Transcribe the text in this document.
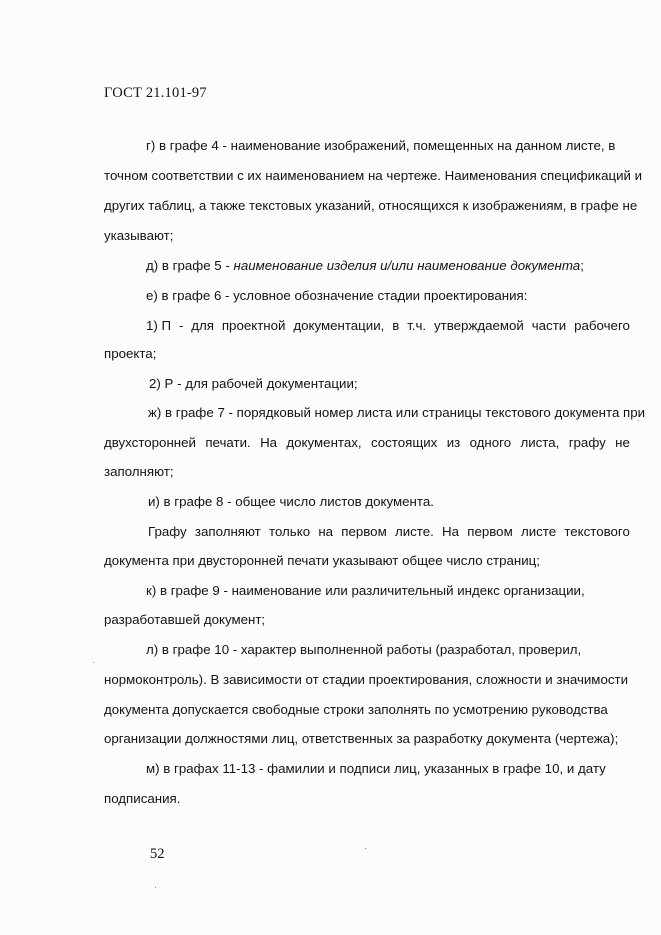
ГОСТ 21.101-97
г) в графе 4 - наименование изображений, помещенных на данном листе, в
точном соответствии с их наименованием на чертеже. Наименования спецификаций и
других таблиц, а также текстовых указаний, относящихся к изображениям, в графе не
указывают;
д) в графе 5 - наименование изделия и/или наименование документа;
е) в графе 6 - условное обозначение стадии проектирования:
1) П - для проектной документации, в т.ч. утверждаемой части рабочего
проекта;
2) Р - для рабочей документации;
ж) в графе 7 - порядковый номер листа или страницы текстового документа при
двухсторонней печати. На документах, состоящих из одного листа, графу не
заполняют;
и) в графе 8 - общее число листов документа.
Графу заполняют только на первом листе. На первом листе текстового
документа при двусторонней печати указывают общее число страниц;
к) в графе 9 - наименование или различительный индекс организации,
разработавшей документ;
л) в графе 10 - характер выполненной работы (разработал, проверил,
нормоконтроль). В зависимости от стадии проектирования, сложности и значимости
документа допускается свободные строки заполнять по усмотрению руководства
организации должностями лиц, ответственных за разработку документа (чертежа);
м) в графах 11-13 - фамилии и подписи лиц, указанных в графе 10, и дату
подписания.
52
